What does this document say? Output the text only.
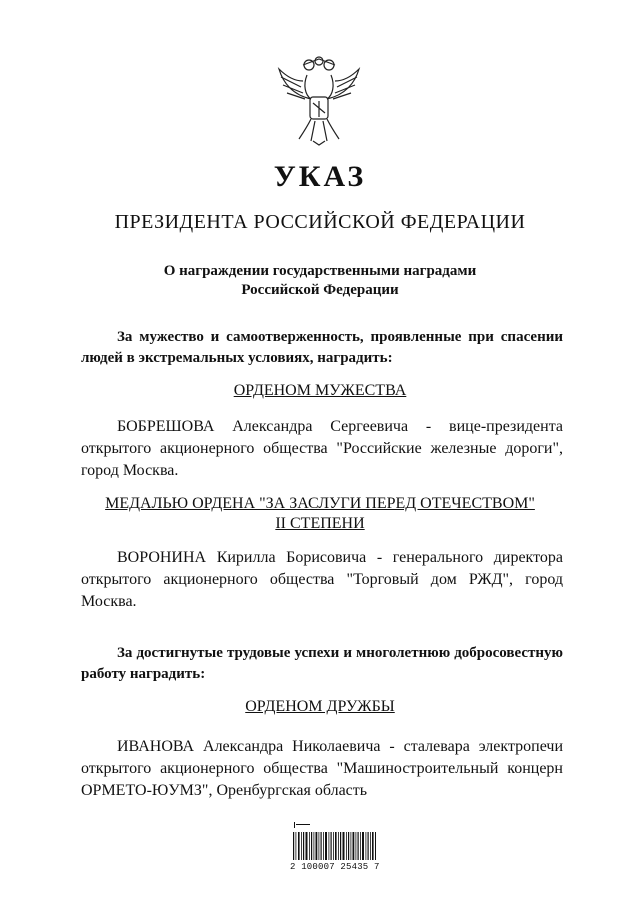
УКАЗ
ПРЕЗИДЕНТА РОССИЙСКОЙ ФЕДЕРАЦИИ
О награждении государственными наградами
Российской Федерации
За мужество и самоотверженность, проявленные при спасении людей в экстремальных условиях, наградить:
ОРДЕНОМ МУЖЕСТВА
БОБРЕШОВА Александра Сергеевича - вице-президента открытого акционерного общества "Российские железные дороги", город Москва.
МЕДАЛЬЮ ОРДЕНА "ЗА ЗАСЛУГИ ПЕРЕД ОТЕЧЕСТВОМ"
II СТЕПЕНИ
ВОРОНИНА Кирилла Борисовича - генерального директора открытого акционерного общества "Торговый дом РЖД", город Москва.
За достигнутые трудовые успехи и многолетнюю добросовестную работу наградить:
ОРДЕНОМ ДРУЖБЫ
ИВАНОВА Александра Николаевича - сталевара электропечи открытого акционерного общества "Машиностроительный концерн ОРМЕТО-ЮУМЗ", Оренбургская область
2 100007 25435 7
